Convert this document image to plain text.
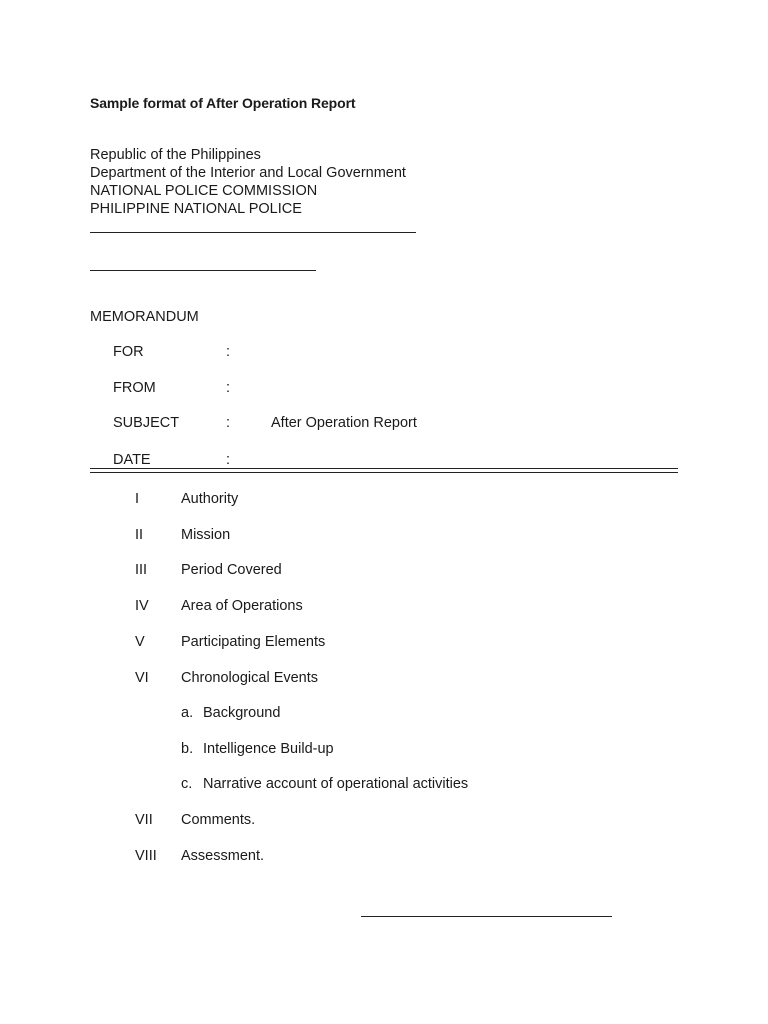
Sample format of After Operation Report
Republic of the Philippines
Department of the Interior and Local Government
NATIONAL POLICE COMMISSION
PHILIPPINE NATIONAL POLICE
MEMORANDUM
FOR	:
FROM	:
SUBJECT	:	After Operation Report
DATE	:
I	Authority
II	Mission
III Period Covered
IV Area of Operations
V	Participating Elements
VI Chronological Events
a. Background
b. Intelligence Build-up
c. Narrative account of operational activities
VII Comments.
VIII Assessment.
